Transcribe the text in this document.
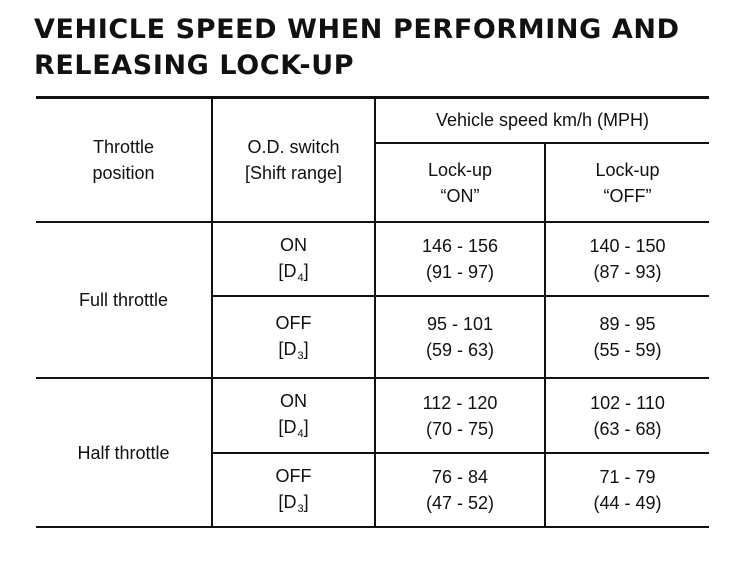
VEHICLE SPEED WHEN PERFORMING AND
RELEASING LOCK-UP
Throttle
position
O.D. switch
[Shift range]
Vehicle speed km/h (MPH)
Lock-up
“ON”
Lock-up
“OFF”
Full throttle
ON
$[D_4]$
146 - 156
(91 - 97)
140 - 150
(87 - 93)
OFF
$[D_3]$
95 - 101
(59 - 63)
89 - 95
(55 - 59)
Half throttle
ON
$[D_4]$
112 - 120
(70 - 75)
102 - 110
(63 - 68)
OFF
$[D_3]$
76 - 84
(47 - 52)
71 - 79
(44 - 49)
